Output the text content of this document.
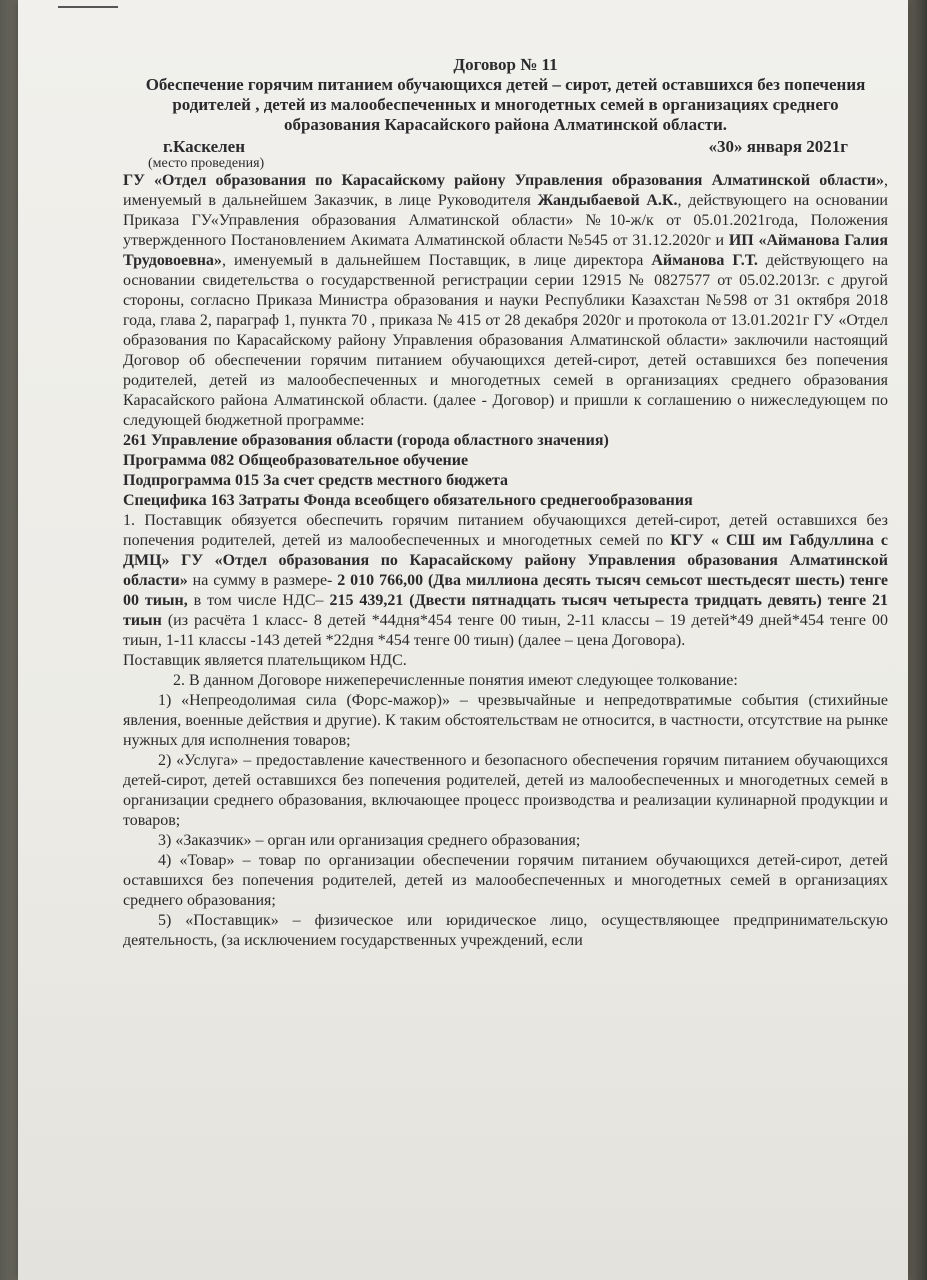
Договор № 11
Обеспечение горячим питанием обучающихся детей – сирот, детей оставшихся без попечения родителей , детей из малообеспеченных и многодетных семей в организациях среднего образования Карасайского района Алматинской области.
г.Каскелен	«30» января 2021г
(место проведения)

ГУ «Отдел образования по Карасайскому району Управления образования Алматинской области», именуемый в дальнейшем Заказчик, в лице Руководителя Жандыбаевой А.К., действующего на основании Приказа ГУ«Управления образования Алматинской области» №10-ж/к от 05.01.2021года, Положения утвержденного Постановлением Акимата Алматинской области №545 от 31.12.2020г и ИП «Айманова Галия Трудовоевна», именуемый в дальнейшем Поставщик, в лице директора Айманова Г.Т. действующего на основании свидетельства о государственной регистрации серии 12915 № 0827577 от 05.02.2013г. с другой стороны, согласно Приказа Министра образования и науки Республики Казахстан №598 от 31 октября 2018 года, глава 2, параграф 1, пункта 70 , приказа № 415 от 28 декабря 2020г и протокола от 13.01.2021г ГУ «Отдел образования по Карасайскому району Управления образования Алматинской области» заключили настоящий Договор об обеспечении горячим питанием обучающихся детей-сирот, детей оставшихся без попечения родителей, детей из малообеспеченных и многодетных семей в организациях среднего образования Карасайского района Алматинской области. (далее - Договор) и пришли к соглашению о нижеследующем по следующей бюджетной программе:

261 Управление образования области (города областного значения)

Программа 082 Общеобразовательное обучение

Подпрограмма 015 За счет средств местного бюджета

Специфика 163 Затраты Фонда всеобщего обязательного среднегообразования

1. Поставщик обязуется обеспечить горячим питанием обучающихся детей-сирот, детей оставшихся без попечения родителей, детей из малообеспеченных и многодетных семей по КГУ « СШ им Габдуллина с ДМЦ» ГУ «Отдел образования по Карасайскому району Управления образования Алматинской области» на сумму в размере- 2 010 766,00 (Два миллиона десять тысяч семьсот шестьдесят шесть) тенге 00 тиын, в том числе НДС– 215 439,21 (Двести пятнадцать тысяч четыреста тридцать девять) тенге 21 тиын (из расчёта 1 класс- 8 детей *44дня*454 тенге 00 тиын, 2-11 классы – 19 детей*49 дней*454 тенге 00 тиын, 1-11 классы -143 детей *22дня *454 тенге 00 тиын) (далее – цена Договора).

Поставщик является плательщиком НДС.

2. В данном Договоре нижеперечисленные понятия имеют следующее толкование:

1) «Непреодолимая сила (Форс-мажор)» – чрезвычайные и непредотвратимые события (стихийные явления, военные действия и другие). К таким обстоятельствам не относится, в частности, отсутствие на рынке нужных для исполнения товаров;

2) «Услуга» – предоставление качественного и безопасного обеспечения горячим питанием обучающихся детей-сирот, детей оставшихся без попечения родителей, детей из малообеспеченных и многодетных семей в организации среднего образования, включающее процесс производства и реализации кулинарной продукции и товаров;

3) «Заказчик» – орган или организация среднего образования;

4) «Товар» – товар по организации обеспечении горячим питанием обучающихся детей-сирот, детей оставшихся без попечения родителей, детей из малообеспеченных и многодетных семей в организациях среднего образования;

5) «Поставщик» – физическое или юридическое лицо, осуществляющее предпринимательскую деятельность, (за исключением государственных учреждений, если
